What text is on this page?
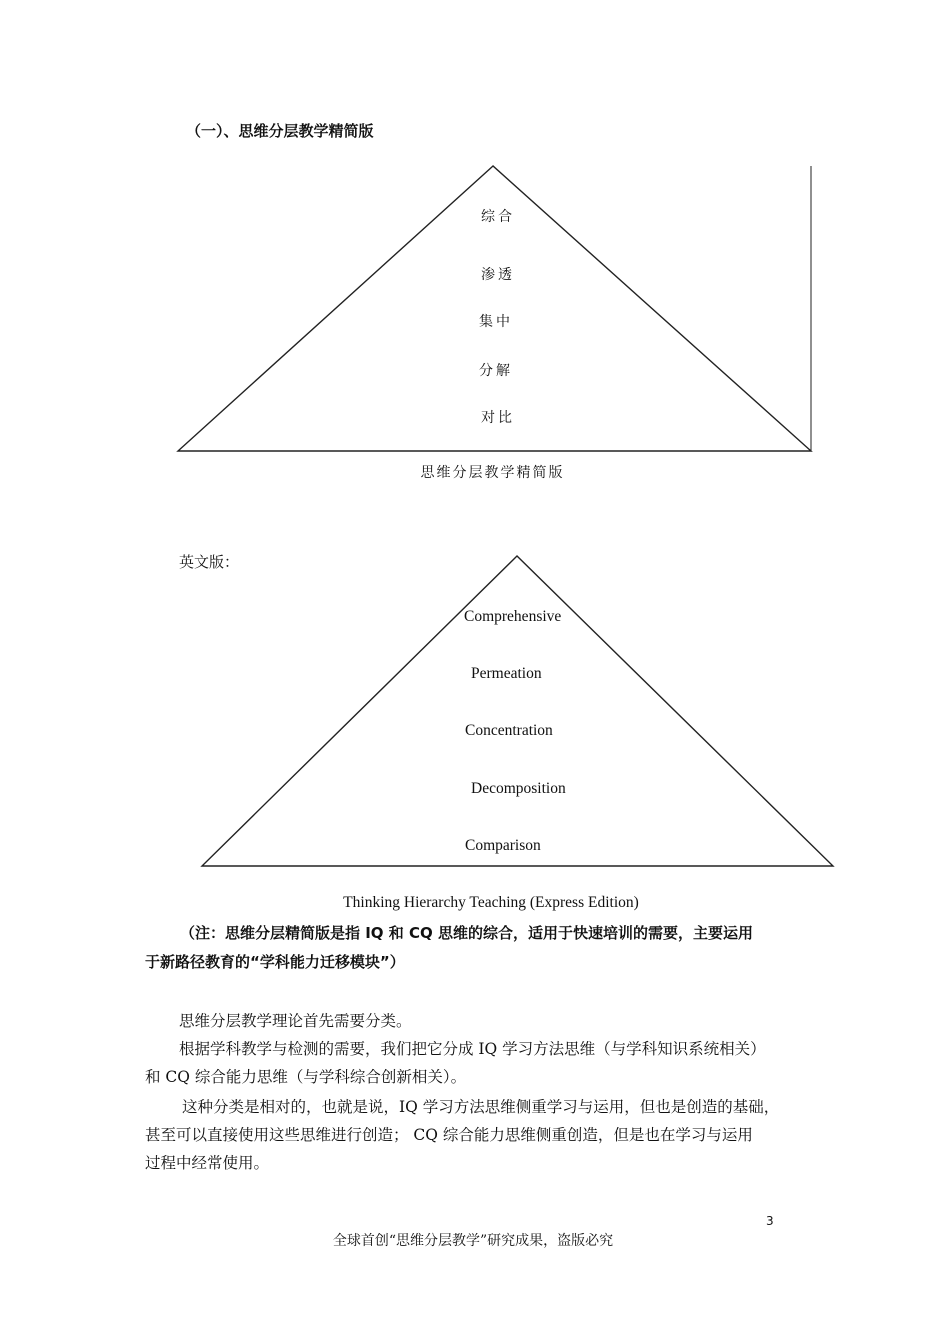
（一）、思维分层教学精简版
综合
渗透
集中
分解
对比
思维分层教学精简版
英文版：
Comprehensive
Permeation
Concentration
Decomposition
Comparison
Thinking Hierarchy Teaching (Express Edition)
（注：思维分层精简版是指 IQ 和 CQ 思维的综合，适用于快速培训的需要，主要运用
于新路径教育的“学科能力迁移模块”）
思维分层教学理论首先需要分类。
根据学科教学与检测的需要，我们把它分成 IQ 学习方法思维（与学科知识系统相关）
和 CQ 综合能力思维（与学科综合创新相关）。
这种分类是相对的，也就是说，IQ 学习方法思维侧重学习与运用，但也是创造的基础，
甚至可以直接使用这些思维进行创造； CQ 综合能力思维侧重创造，但是也在学习与运用
过程中经常使用。
3
全球首创“思维分层教学”研究成果，盗版必究
